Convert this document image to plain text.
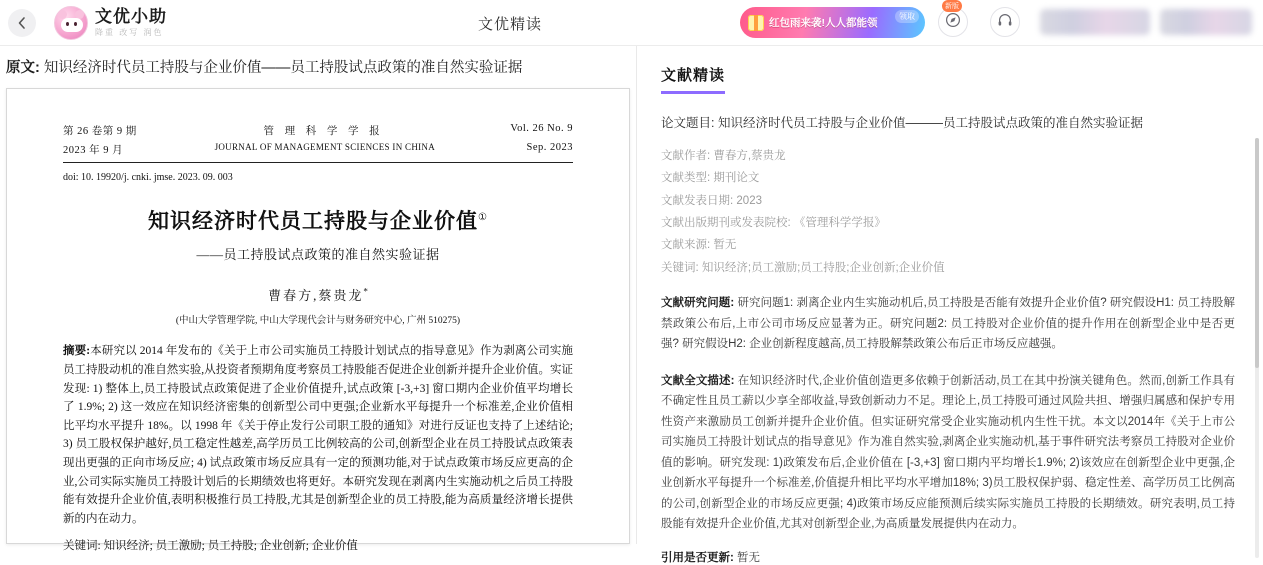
文优小助
降重 改写 润色	文优精读	红包雨来袭!人人都能领
领取
新版
原文: 知识经济时代员工持股与企业价值——员工持股试点政策的准自然实验证据
第 26 卷第 9 期	管 理 科 学 学 报	Vol. 26 No. 9
2023 年 9 月	JOURNAL OF MANAGEMENT SCIENCES IN CHINA	Sep. 2023
doi: 10. 19920/j. cnki. jmse. 2023. 09. 003
知识经济时代员工持股与企业价值①
——员工持股试点政策的准自然实验证据
曹春方,蔡贵龙*
(中山大学管理学院, 中山大学现代会计与财务研究中心, 广州 510275)
摘要:本研究以 2014 年发布的《关于上市公司实施员工持股计划试点的指导意见》作为剥离公司实施员工持股动机的准自然实验,从投资者预期角度考察员工持股能否促进企业创新并提升企业价值。实证发现: 1) 整体上,员工持股试点政策促进了企业价值提升,试点政策 [-3,+3] 窗口期内企业价值平均增长了 1.9%; 2) 这一效应在知识经济密集的创新型公司中更强;企业新水平每提升一个标准差,企业价值相比平均水平提升 18%。以 1998 年《关于停止发行公司职工股的通知》对进行反证也支持了上述结论; 3) 员工股权保护越好,员工稳定性越差,高学历员工比例较高的公司,创新型企业在员工持股试点政策表现出更强的正向市场反应; 4) 试点政策市场反应具有一定的预测功能,对于试点政策市场反应更高的企业,公司实际实施员工持股计划后的长期绩效也将更好。本研究发现在剥离内生实施动机之后员工持股能有效提升企业价值,表明积极推行员工持股,尤其是创新型企业的员工持股,能为高质量经济增长提供新的内在动力。
关键词: 知识经济; 员工激励; 员工持股; 企业创新; 企业价值
文献精读
论文题目: 知识经济时代员工持股与企业价值———员工持股试点政策的准自然实验证据
文献作者: 曹春方,蔡贵龙
文献类型: 期刊论文
文献发表日期: 2023
文献出版期刊或发表院校: 《管理科学学报》
文献来源: 暂无
关键词: 知识经济;员工激励;员工持股;企业创新;企业价值
文献研究问题: 研究问题1: 剥离企业内生实施动机后,员工持股是否能有效提升企业价值? 研究假设H1: 员工持股解禁政策公布后,上市公司市场反应显著为正。研究问题2: 员工持股对企业价值的提升作用在创新型企业中是否更强? 研究假设H2: 企业创新程度越高,员工持股解禁政策公布后正市场反应越强。
文献全文描述: 在知识经济时代,企业价值创造更多依赖于创新活动,员工在其中扮演关键角色。然而,创新工作具有不确定性且员工薪以少享全部收益,导致创新动力不足。理论上,员工持股可通过风险共担、增强归属感和保护专用性资产来激励员工创新并提升企业价值。但实证研究常受企业实施动机内生性干扰。本文以2014年《关于上市公司实施员工持股计划试点的指导意见》作为准自然实验,剥离企业实施动机,基于事件研究法考察员工持股对企业价值的影响。研究发现: 1)政策发布后,企业价值在 [-3,+3] 窗口期内平均增长1.9%; 2)该效应在创新型企业中更强,企业创新水平每提升一个标准差,价值提升相比平均水平增加18%; 3)员工股权保护弱、稳定性差、高学历员工比例高的公司,创新型企业的市场反应更强; 4)政策市场反应能预测后续实际实施员工持股的长期绩效。研究表明,员工持股能有效提升企业价值,尤其对创新型企业,为高质量发展提供内在动力。
引用是否更新: 暂无
